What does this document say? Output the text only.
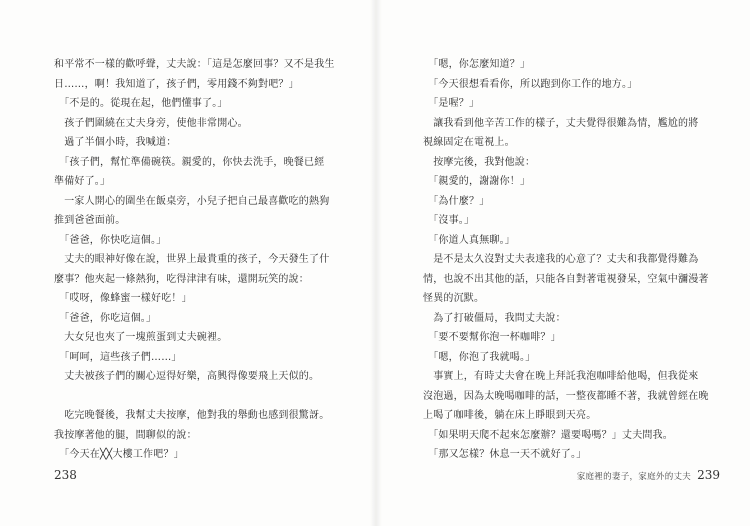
和平常不一樣的歡呼聲，丈夫說：「這是怎麼回事？又不是我生
日……，啊！我知道了，孩子們，零用錢不夠對吧？」
　「不是的。從現在起，他們懂事了。」
　孩子們圍繞在丈夫身旁，使他非常開心。
　過了半個小時，我喊道：
　「孩子們，幫忙準備碗筷。親愛的，你快去洗手，晚餐已經
準備好了。」
　一家人開心的圍坐在飯桌旁，小兒子把自己最喜歡吃的熱狗
推到爸爸面前。
　「爸爸，你快吃這個。」
　丈夫的眼神好像在說，世界上最貴重的孩子，今天發生了什
麼事？他夾起一條熱狗，吃得津津有味，還開玩笑的說：
　「哎呀，像蜂蜜一樣好吃！」
　「爸爸，你吃這個。」
　大女兒也夾了一塊煎蛋到丈夫碗裡。
　「呵呵，這些孩子們……」
　丈夫被孩子們的關心逗得好樂，高興得像要飛上天似的。
　吃完晚餐後，我幫丈夫按摩，他對我的舉動也感到很驚訝。
我按摩著他的腿，間聊似的說：
　「今天在╳╳大樓工作吧？」
238
　「嗯，你怎麼知道？」
　「今天很想看看你，所以跑到你工作的地方。」
　「是喔？」
　讓我看到他辛苦工作的樣子，丈夫覺得很難為情，尷尬的將
視線固定在電視上。
　按摩完後，我對他說：
　「親愛的，謝謝你！」
　「為什麼？」
　「沒事。」
　「你道人真無聊。」
　是不是太久沒對丈夫表達我的心意了？丈夫和我都覺得難為
情，也說不出其他的話，只能各自對著電視發呆，空氣中瀰漫著
怪異的沉默。
　為了打破僵局，我問丈夫說：
　「要不要幫你泡一杯咖啡？」
　「嗯，你泡了我就喝。」
　事實上，有時丈夫會在晚上拜託我泡咖啡給他喝，但我從來
沒泡過，因為太晚喝咖啡的話，一整夜都睡不著，我就曾經在晚
上喝了咖啡後，躺在床上睜眼到天亮。
　「如果明天爬不起來怎麼辦？還要喝嗎？」丈夫問我。
　「那又怎樣？休息一天不就好了。」
家庭裡的妻子，家庭外的丈夫 239
